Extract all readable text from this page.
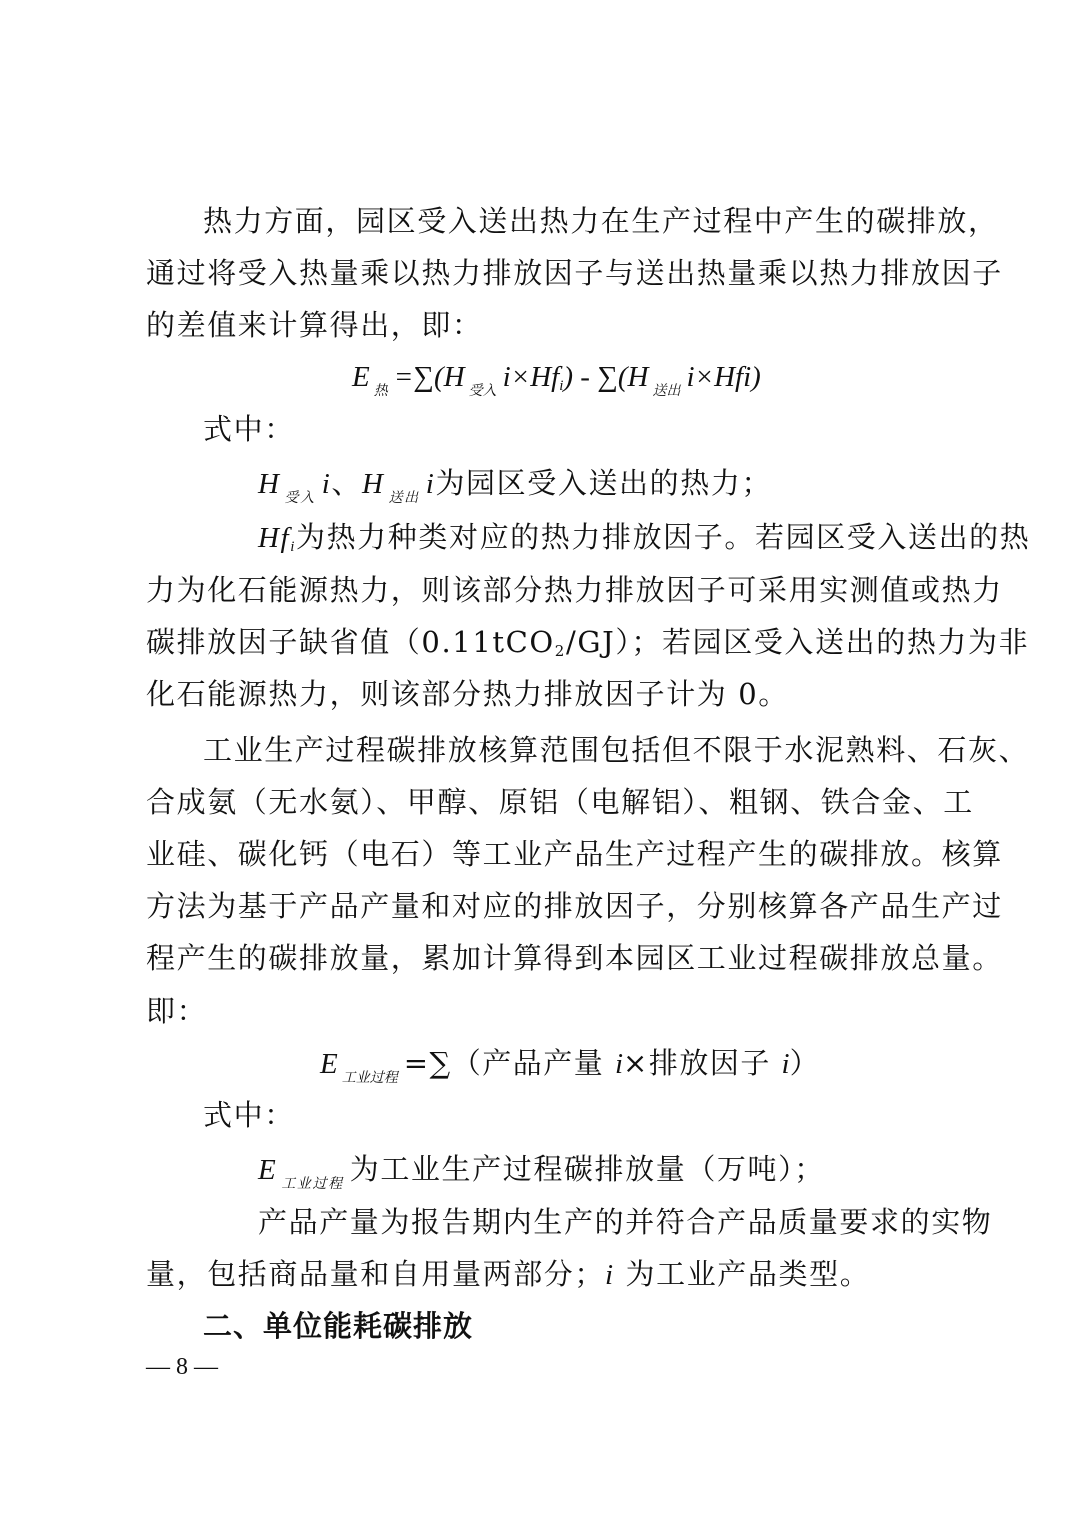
热力方面，园区受入送出热力在生产过程中产生的碳排放，
通过将受入热量乘以热力排放因子与送出热量乘以热力排放因子
的差值来计算得出，即：
E $_热$ =∑(H $_{受入}$ i×Hfi) - ∑(H $_{送出}$ i×Hfi)
式中：
H $_{受入}$ i、H $_{送出}$ i为园区受入送出的热力；
Hfi为热力种类对应的热力排放因子。若园区受入送出的热
力为化石能源热力，则该部分热力排放因子可采用实测值或热力
碳排放因子缺省值（0.11tCO2/GJ）；若园区受入送出的热力为非
化石能源热力，则该部分热力排放因子计为 0。
工业生产过程碳排放核算范围包括但不限于水泥熟料、石灰、
合成氨（无水氨）、甲醇、原铝（电解铝）、粗钢、铁合金、工
业硅、碳化钙（电石）等工业产品生产过程产生的碳排放。核算
方法为基于产品产量和对应的排放因子，分别核算各产品生产过
程产生的碳排放量，累加计算得到本园区工业过程碳排放总量。
即：
E $_{工业过程}$ =∑（产品产量 i×排放因子 i）
式中：
E $_{工业过程}$ 为工业生产过程碳排放量（万吨）；
产品产量为报告期内生产的并符合产品质量要求的实物
量，包括商品量和自用量两部分；i 为工业产品类型。
二、单位能耗碳排放
— 8 —
